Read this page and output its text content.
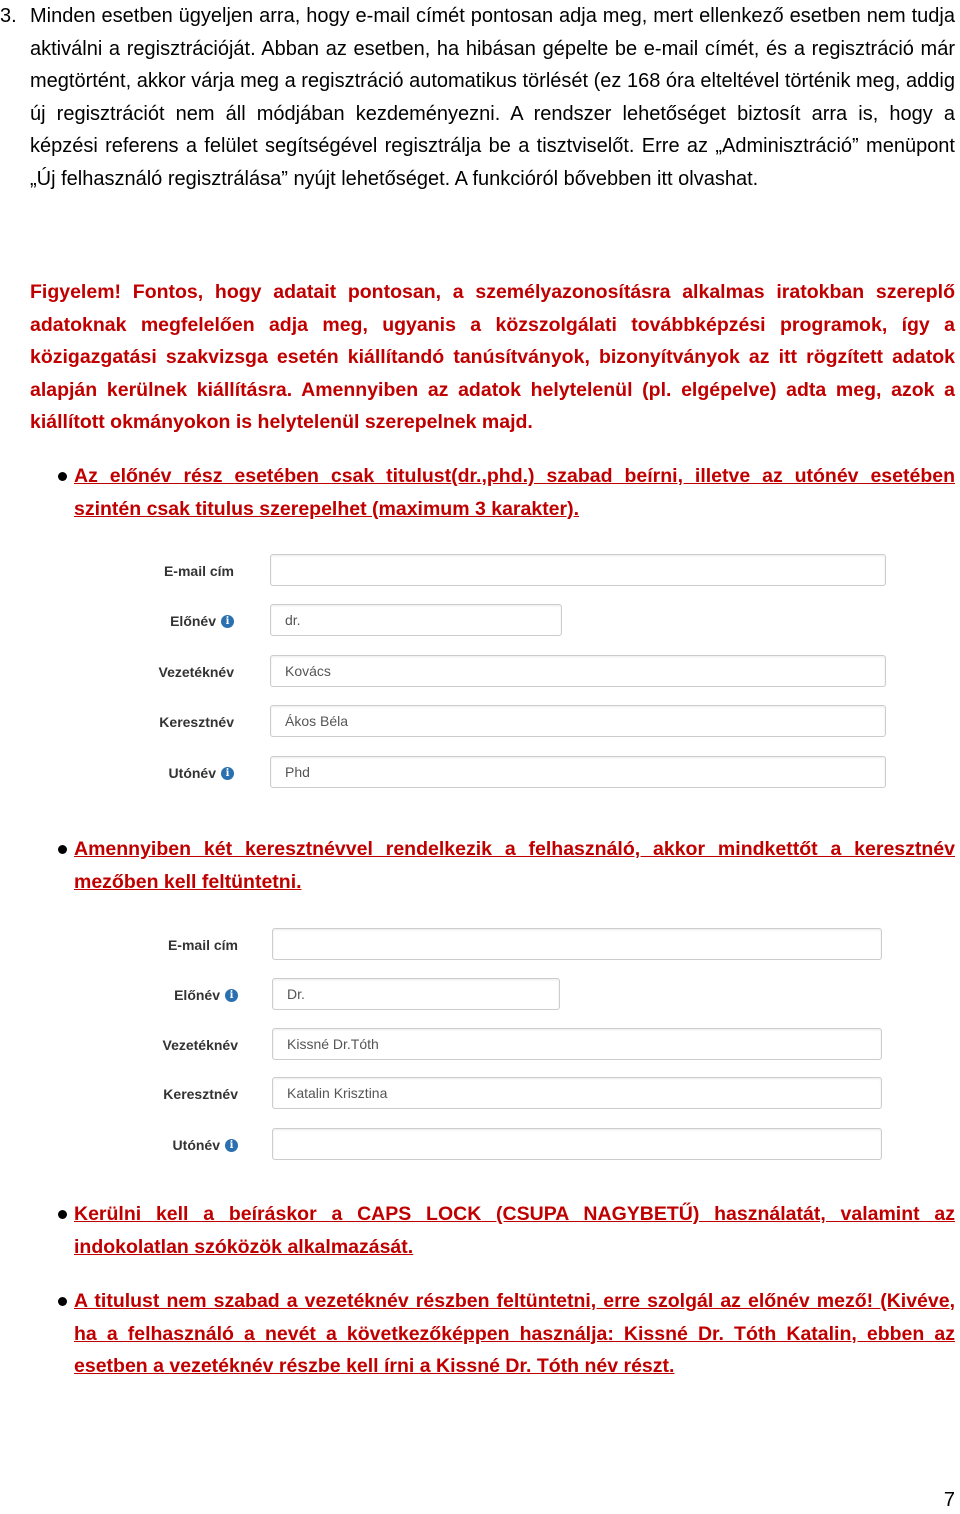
3. Minden esetben ügyeljen arra, hogy e-mail címét pontosan adja meg, mert ellenkező esetben nem tudja aktiválni a regisztrációját. Abban az esetben, ha hibásan gépelte be e-mail címét, és a regisztráció már megtörtént, akkor várja meg a regisztráció automatikus törlését (ez 168 óra elteltével történik meg, addig új regisztrációt nem áll módjában kezdeményezni. A rendszer lehetőséget biztosít arra is, hogy a képzési referens a felület segítségével regisztrálja be a tisztviselőt. Erre az „Adminisztráció” menüpont „Új felhasználó regisztrálása” nyújt lehetőséget. A funkcióról bővebben itt olvashat.

Figyelem! Fontos, hogy adatait pontosan, a személyazonosításra alkalmas iratokban szereplő adatoknak megfelelően adja meg, ugyanis a közszolgálati továbbképzési programok, így a közigazgatási szakvizsga esetén kiállítandó tanúsítványok, bizonyítványok az itt rögzített adatok alapján kerülnek kiállításra. Amennyiben az adatok helytelenül (pl. elgépelve) adta meg, azok a kiállított okmányokon is helytelenül szerepelnek majd.

Az előnév rész esetében csak titulust(dr.,phd.) szabad beírni, illetve az utónév esetében szintén csak titulus szerepelhet (maximum 3 karakter).
E-mail cím
Előnév i	dr.
Vezetéknév	Kovács
Keresztnév	Ákos Béla
Utónév i	Phd
Amennyiben két keresztnévvel rendelkezik a felhasználó, akkor mindkettőt a keresztnév mezőben kell feltüntetni.
E-mail cím
Előnév i	Dr.
Vezetéknév	Kissné Dr.Tóth
Keresztnév	Katalin Krisztina
Utónév i
Kerülni kell a beíráskor a CAPS LOCK (CSUPA NAGYBETŰ) használatát, valamint az indokolatlan szóközök alkalmazását.
A titulust nem szabad a vezetéknév részben feltüntetni, erre szolgál az előnév mező! (Kivéve, ha a felhasználó a nevét a következőképpen használja: Kissné Dr. Tóth Katalin, ebben az esetben a vezetéknév részbe kell írni a Kissné Dr. Tóth név részt.
7
